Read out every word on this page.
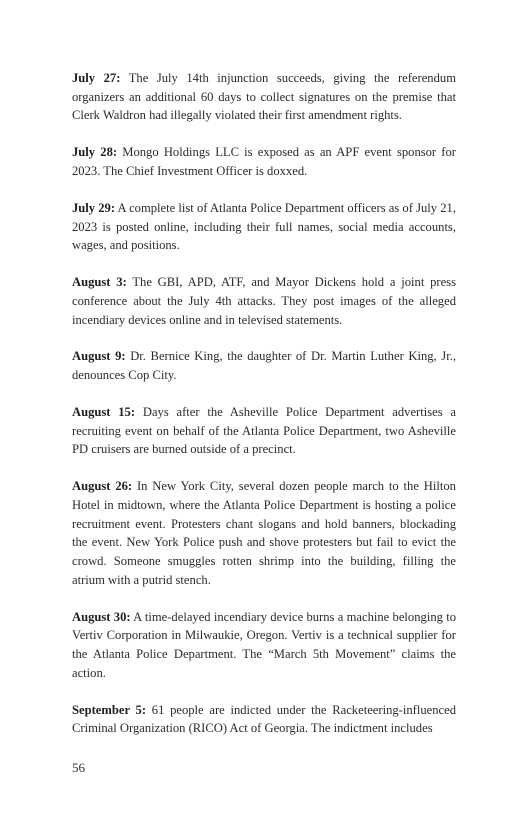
July 27: The July 14th injunction succeeds, giving the referendum organizers an additional 60 days to collect signatures on the premise that Clerk Waldron had illegally violated their first amendment rights.

July 28: Mongo Holdings LLC is exposed as an APF event sponsor for 2023. The Chief Investment Officer is doxxed.

July 29: A complete list of Atlanta Police Department officers as of July 21, 2023 is posted online, including their full names, social media accounts, wages, and positions.

August 3: The GBI, APD, ATF, and Mayor Dickens hold a joint press conference about the July 4th attacks. They post images of the alleged incendiary devices online and in televised statements.

August 9: Dr. Bernice King, the daughter of Dr. Martin Luther King, Jr., denounces Cop City.

August 15: Days after the Asheville Police Department advertises a recruiting event on behalf of the Atlanta Police Department, two Asheville PD cruisers are burned outside of a precinct.

August 26: In New York City, several dozen people march to the Hilton Hotel in midtown, where the Atlanta Police Department is hosting a police recruitment event. Protesters chant slogans and hold banners, blockading the event. New York Police push and shove protesters but fail to evict the crowd. Someone smuggles rotten shrimp into the building, filling the atrium with a putrid stench.

August 30: A time-delayed incendiary device burns a machine belonging to Vertiv Corporation in Milwaukie, Oregon. Vertiv is a technical supplier for the Atlanta Police Department. The “March 5th Movement” claims the action.

September 5: 61 people are indicted under the Racketeering-influenced Criminal Organization (RICO) Act of Georgia. The indictment includes

56
